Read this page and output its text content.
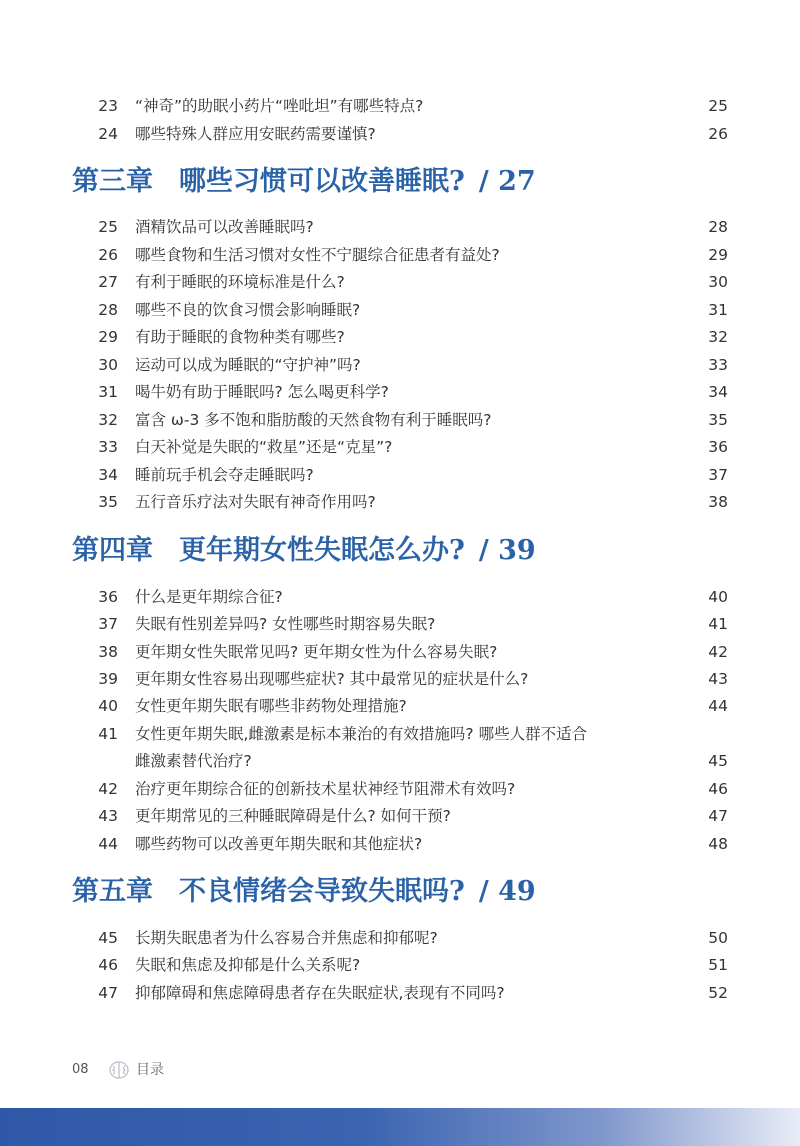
23 “神奇”的助眠小药片“唑吡坦”有哪些特点?	25
24 哪些特殊人群应用安眠药需要谨慎?	26
第三章 哪些习惯可以改善睡眠? / 27
25 酒精饮品可以改善睡眠吗?	28
26 哪些食物和生活习惯对女性不宁腿综合征患者有益处?	29
27 有利于睡眠的环境标准是什么?	30
28 哪些不良的饮食习惯会影响睡眠?	31
29 有助于睡眠的食物种类有哪些?	32
30 运动可以成为睡眠的“守护神”吗?	33
31 喝牛奶有助于睡眠吗? 怎么喝更科学?	34
32 富含 ω-3 多不饱和脂肪酸的天然食物有利于睡眠吗?	35
33 白天补觉是失眠的“救星”还是“克星”?	36
34 睡前玩手机会夺走睡眠吗?	37
35 五行音乐疗法对失眠有神奇作用吗?	38
第四章 更年期女性失眠怎么办? / 39
36 什么是更年期综合征?	40
37 失眠有性别差异吗? 女性哪些时期容易失眠?	41
38 更年期女性失眠常见吗? 更年期女性为什么容易失眠?	42
39 更年期女性容易出现哪些症状? 其中最常见的症状是什么?	43
40 女性更年期失眠有哪些非药物处理措施?	44
41 女性更年期失眠,雌激素是标本兼治的有效措施吗? 哪些人群不适合
雌激素替代治疗?	45
42 治疗更年期综合征的创新技术星状神经节阻滞术有效吗?	46
43 更年期常见的三种睡眠障碍是什么? 如何干预?	47
44 哪些药物可以改善更年期失眠和其他症状?	48
第五章 不良情绪会导致失眠吗? / 49
45 长期失眠患者为什么容易合并焦虑和抑郁呢?	50
46 失眠和焦虑及抑郁是什么关系呢?	51
47 抑郁障碍和焦虑障碍患者存在失眠症状,表现有不同吗?	52
08	目录
